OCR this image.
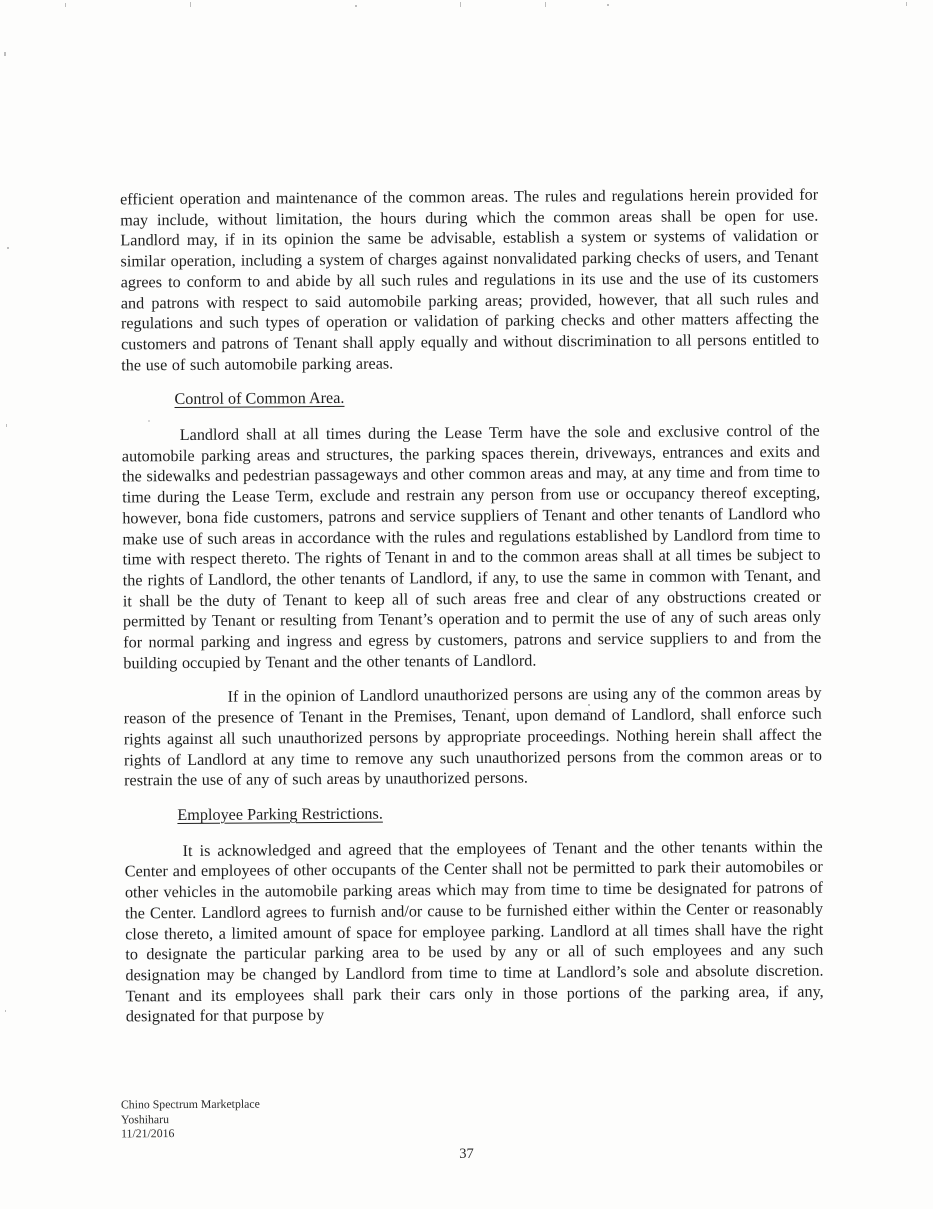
efficient operation and maintenance of the common areas. The rules and regulations herein provided for may include, without limitation, the hours during which the common areas shall be open for use. Landlord may, if in its opinion the same be advisable, establish a system or systems of validation or similar operation, including a system of charges against nonvalidated parking checks of users, and Tenant agrees to conform to and abide by all such rules and regulations in its use and the use of its customers and patrons with respect to said automobile parking areas; provided, however, that all such rules and regulations and such types of operation or validation of parking checks and other matters affecting the customers and patrons of Tenant shall apply equally and without discrimination to all persons entitled to the use of such automobile parking areas.

Control of Common Area.

Landlord shall at all times during the Lease Term have the sole and exclusive control of the automobile parking areas and structures, the parking spaces therein, driveways, entrances and exits and the sidewalks and pedestrian passageways and other common areas and may, at any time and from time to time during the Lease Term, exclude and restrain any person from use or occupancy thereof excepting, however, bona fide customers, patrons and service suppliers of Tenant and other tenants of Landlord who make use of such areas in accordance with the rules and regulations established by Landlord from time to time with respect thereto. The rights of Tenant in and to the common areas shall at all times be subject to the rights of Landlord, the other tenants of Landlord, if any, to use the same in common with Tenant, and it shall be the duty of Tenant to keep all of such areas free and clear of any obstructions created or permitted by Tenant or resulting from Tenant’s operation and to permit the use of any of such areas only for normal parking and ingress and egress by customers, patrons and service suppliers to and from the building occupied by Tenant and the other tenants of Landlord.

If in the opinion of Landlord unauthorized persons are using any of the common areas by reason of the presence of Tenant in the Premises, Tenant, upon demand of Landlord, shall enforce such rights against all such unauthorized persons by appropriate proceedings. Nothing herein shall affect the rights of Landlord at any time to remove any such unauthorized persons from the common areas or to restrain the use of any of such areas by unauthorized persons.

Employee Parking Restrictions.

It is acknowledged and agreed that the employees of Tenant and the other tenants within the Center and employees of other occupants of the Center shall not be permitted to park their automobiles or other vehicles in the automobile parking areas which may from time to time be designated for patrons of the Center. Landlord agrees to furnish and/or cause to be furnished either within the Center or reasonably close thereto, a limited amount of space for employee parking. Landlord at all times shall have the right to designate the particular parking area to be used by any or all of such employees and any such designation may be changed by Landlord from time to time at Landlord’s sole and absolute discretion. Tenant and its employees shall park their cars only in those portions of the parking area, if any, designated for that purpose by

Chino Spectrum Marketplace
Yoshiharu
11/21/2016
37
